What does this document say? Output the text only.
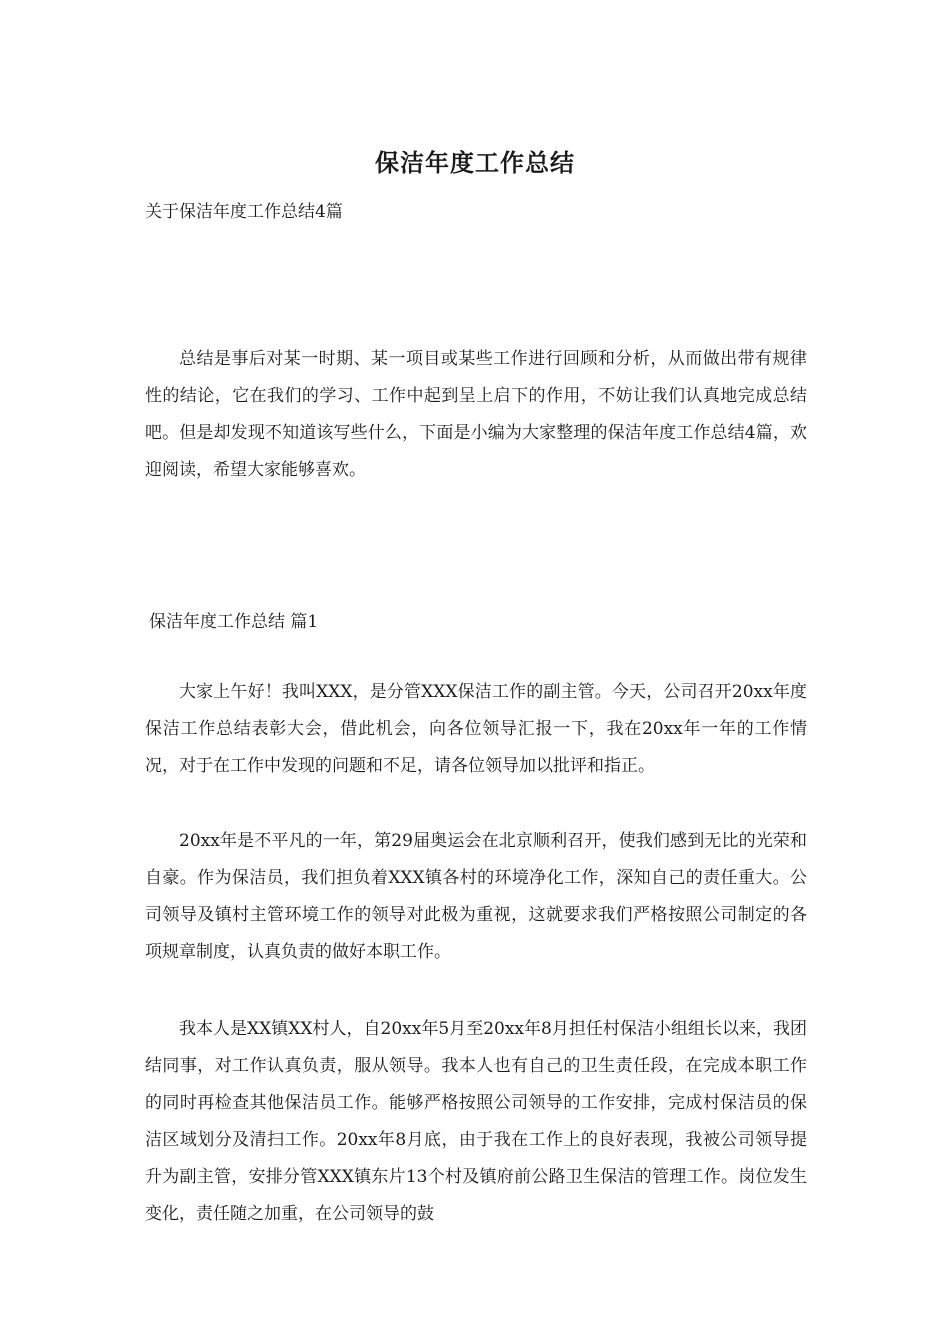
保洁年度工作总结
关于保洁年度工作总结4篇

总结是事后对某一时期、某一项目或某些工作进行回顾和分析，从而做出带有规律性的结论，它在我们的学习、工作中起到呈上启下的作用，不妨让我们认真地完成总结吧。但是却发现不知道该写些什么，下面是小编为大家整理的保洁年度工作总结4篇，欢迎阅读，希望大家能够喜欢。

保洁年度工作总结 篇1

大家上午好！我叫XXX，是分管XXX保洁工作的副主管。今天，公司召开20xx年度保洁工作总结表彰大会，借此机会，向各位领导汇报一下，我在20xx年一年的工作情况，对于在工作中发现的问题和不足，请各位领导加以批评和指正。

20xx年是不平凡的一年，第29届奥运会在北京顺利召开，使我们感到无比的光荣和自豪。作为保洁员，我们担负着XXX镇各村的环境净化工作，深知自己的责任重大。公司领导及镇村主管环境工作的领导对此极为重视，这就要求我们严格按照公司制定的各项规章制度，认真负责的做好本职工作。

我本人是XX镇XX村人，自20xx年5月至20xx年8月担任村保洁小组组长以来，我团结同事，对工作认真负责，服从领导。我本人也有自己的卫生责任段，在完成本职工作的同时再检查其他保洁员工作。能够严格按照公司领导的工作安排，完成村保洁员的保洁区域划分及清扫工作。20xx年8月底，由于我在工作上的良好表现，我被公司领导提升为副主管，安排分管XXX镇东片13个村及镇府前公路卫生保洁的管理工作。岗位发生变化，责任随之加重，在公司领导的鼓
